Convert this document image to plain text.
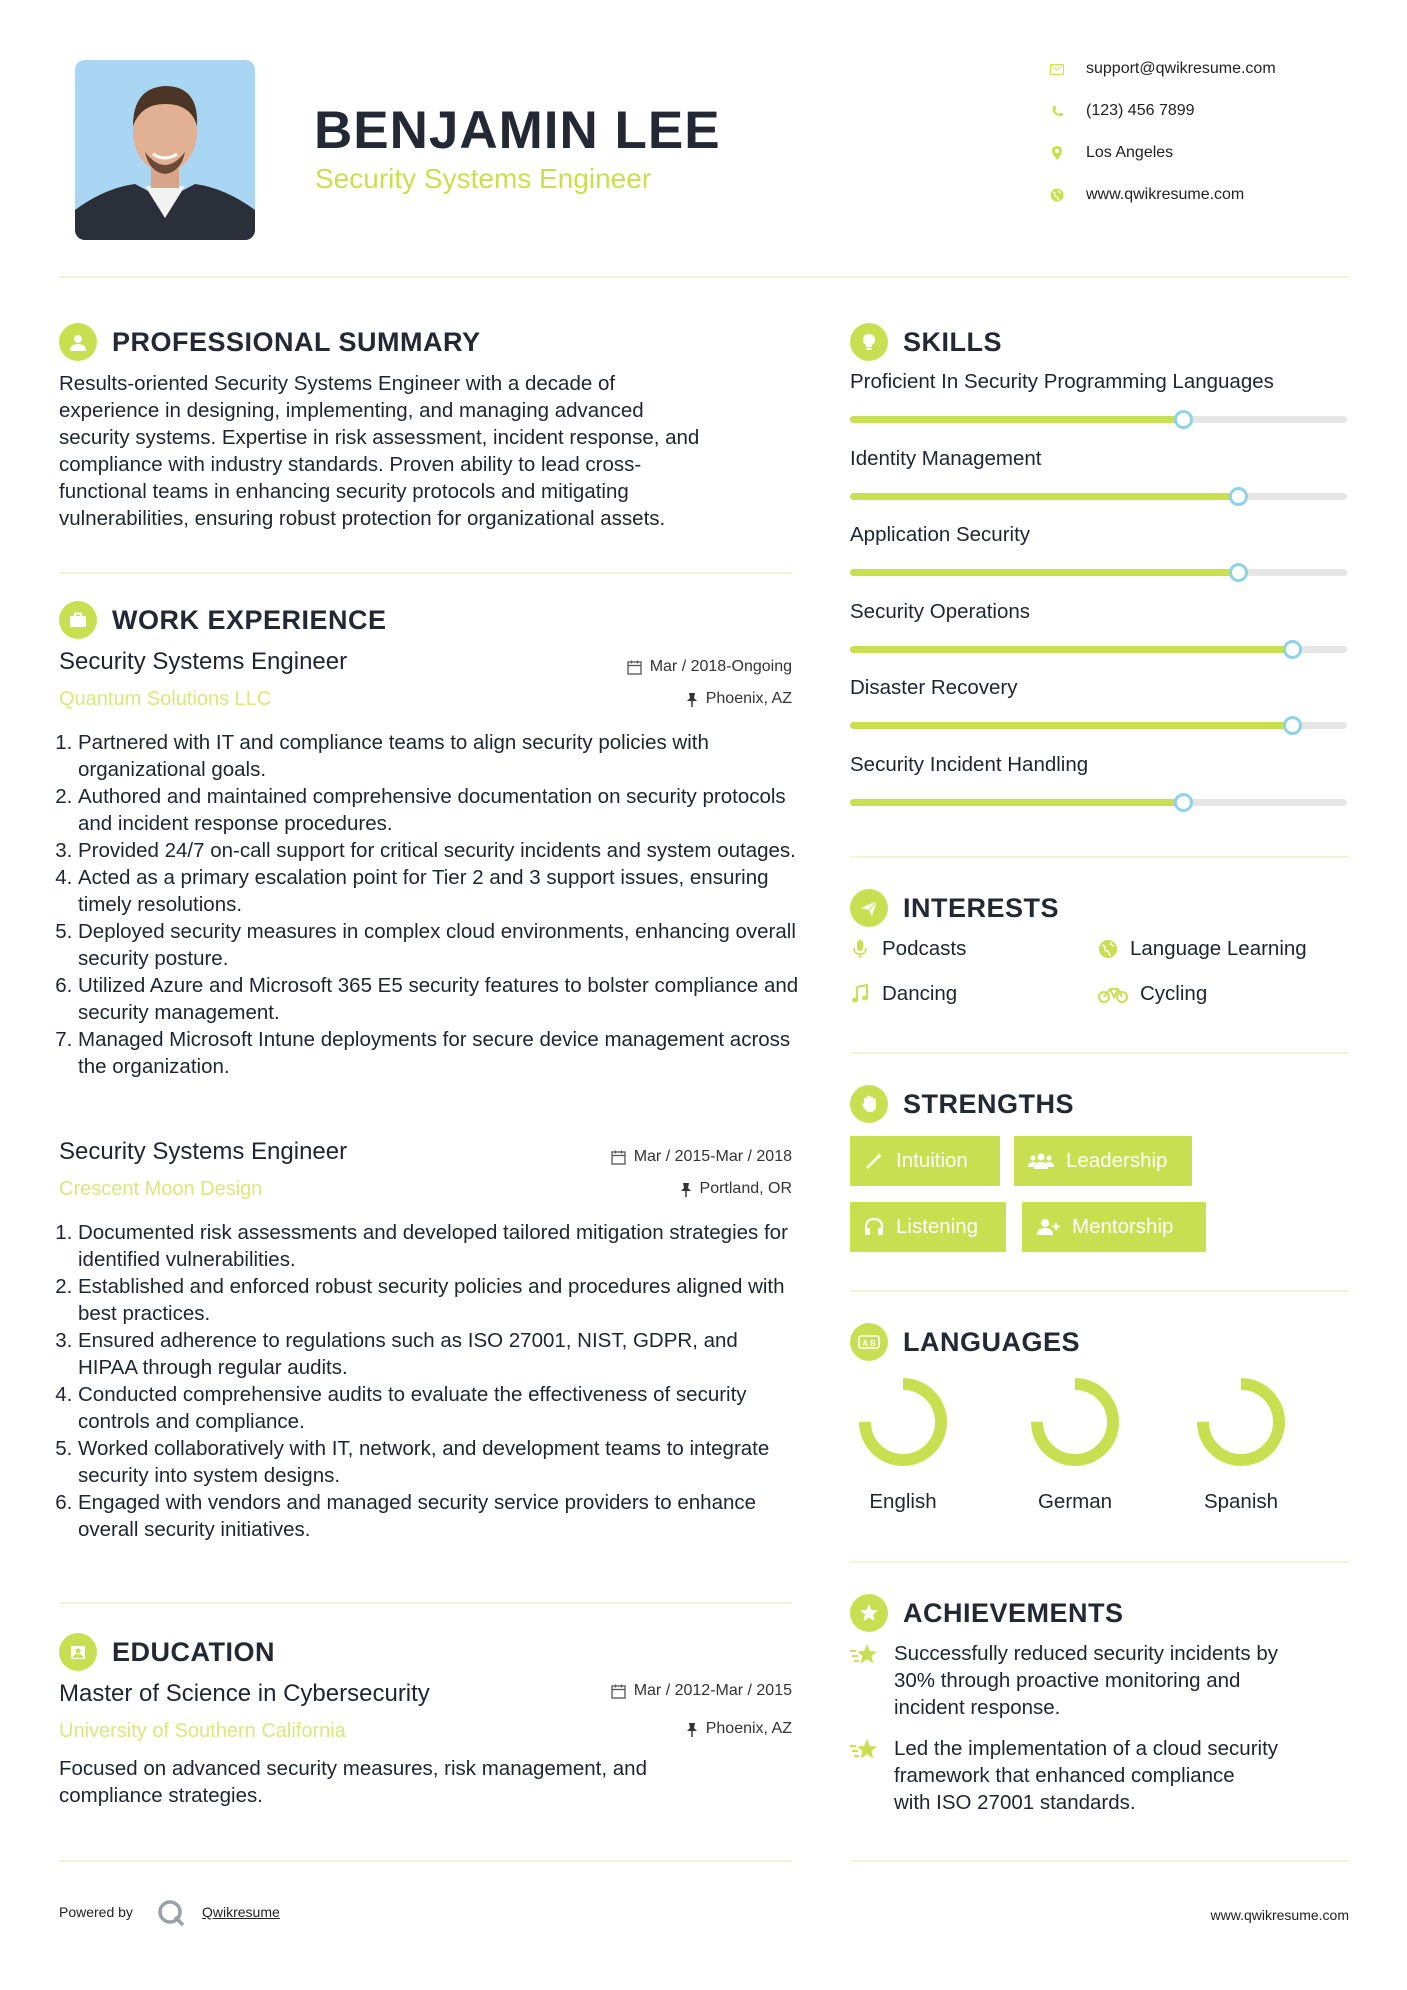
BENJAMIN LEE
Security Systems Engineer
support@qwikresume.com
(123) 456 7899
Los Angeles
www.qwikresume.com
PROFESSIONAL SUMMARY
Results-oriented Security Systems Engineer with a decade of
experience in designing, implementing, and managing advanced
security systems. Expertise in risk assessment, incident response, and
compliance with industry standards. Proven ability to lead cross-
functional teams in enhancing security protocols and mitigating
vulnerabilities, ensuring robust protection for organizational assets.
WORK EXPERIENCE
Security Systems Engineer	Mar / 2018-Ongoing
Quantum Solutions LLC	Phoenix, AZ
1. Partnered with IT and compliance teams to align security policies with organizational goals.
2. Authored and maintained comprehensive documentation on security protocols and incident response procedures.
3. Provided 24/7 on-call support for critical security incidents and system outages.
4. Acted as a primary escalation point for Tier 2 and 3 support issues, ensuring timely resolutions.
5. Deployed security measures in complex cloud environments, enhancing overall security posture.
6. Utilized Azure and Microsoft 365 E5 security features to bolster compliance and security management.
7. Managed Microsoft Intune deployments for secure device management across the organization.
Security Systems Engineer	Mar / 2015-Mar / 2018
Crescent Moon Design	Portland, OR
1. Documented risk assessments and developed tailored mitigation strategies for identified vulnerabilities.
2. Established and enforced robust security policies and procedures aligned with best practices.
3. Ensured adherence to regulations such as ISO 27001, NIST, GDPR, and HIPAA through regular audits.
4. Conducted comprehensive audits to evaluate the effectiveness of security controls and compliance.
5. Worked collaboratively with IT, network, and development teams to integrate security into system designs.
6. Engaged with vendors and managed security service providers to enhance overall security initiatives.
EDUCATION
Master of Science in Cybersecurity	Mar / 2012-Mar / 2015
University of Southern California	Phoenix, AZ
Focused on advanced security measures, risk management, and
compliance strategies.
SKILLS
Proficient In Security Programming Languages
Identity Management
Application Security
Security Operations
Disaster Recovery
Security Incident Handling
INTERESTS
Podcasts	Language Learning
Dancing	Cycling
STRENGTHS
Intuition	Leadership
Listening	Mentorship
A B LANGUAGES
English	German	Spanish
ACHIEVEMENTS
Successfully reduced security incidents by
30% through proactive monitoring and
incident response.
Led the implementation of a cloud security
framework that enhanced compliance
with ISO 27001 standards.
Powered by	Qwikresume	www.qwikresume.com
